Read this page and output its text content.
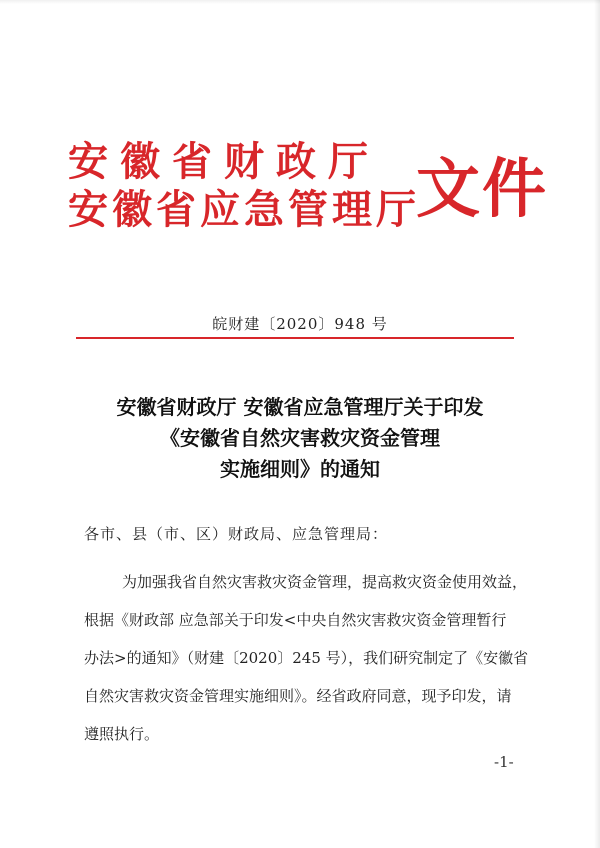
安徽省财政厅
安徽省应急管理厅
文件
皖财建〔2020〕948 号
安徽省财政厅 安徽省应急管理厅关于印发
《安徽省自然灾害救灾资金管理
实施细则》的通知
各市、县（市、区）财政局、应急管理局：
为加强我省自然灾害救灾资金管理，提高救灾资金使用效益，
根据《财政部 应急部关于印发<中央自然灾害救灾资金管理暂行
办法>的通知》（财建〔2020〕245 号），我们研究制定了《安徽省
自然灾害救灾资金管理实施细则》。经省政府同意，现予印发，请
遵照执行。
-1-
